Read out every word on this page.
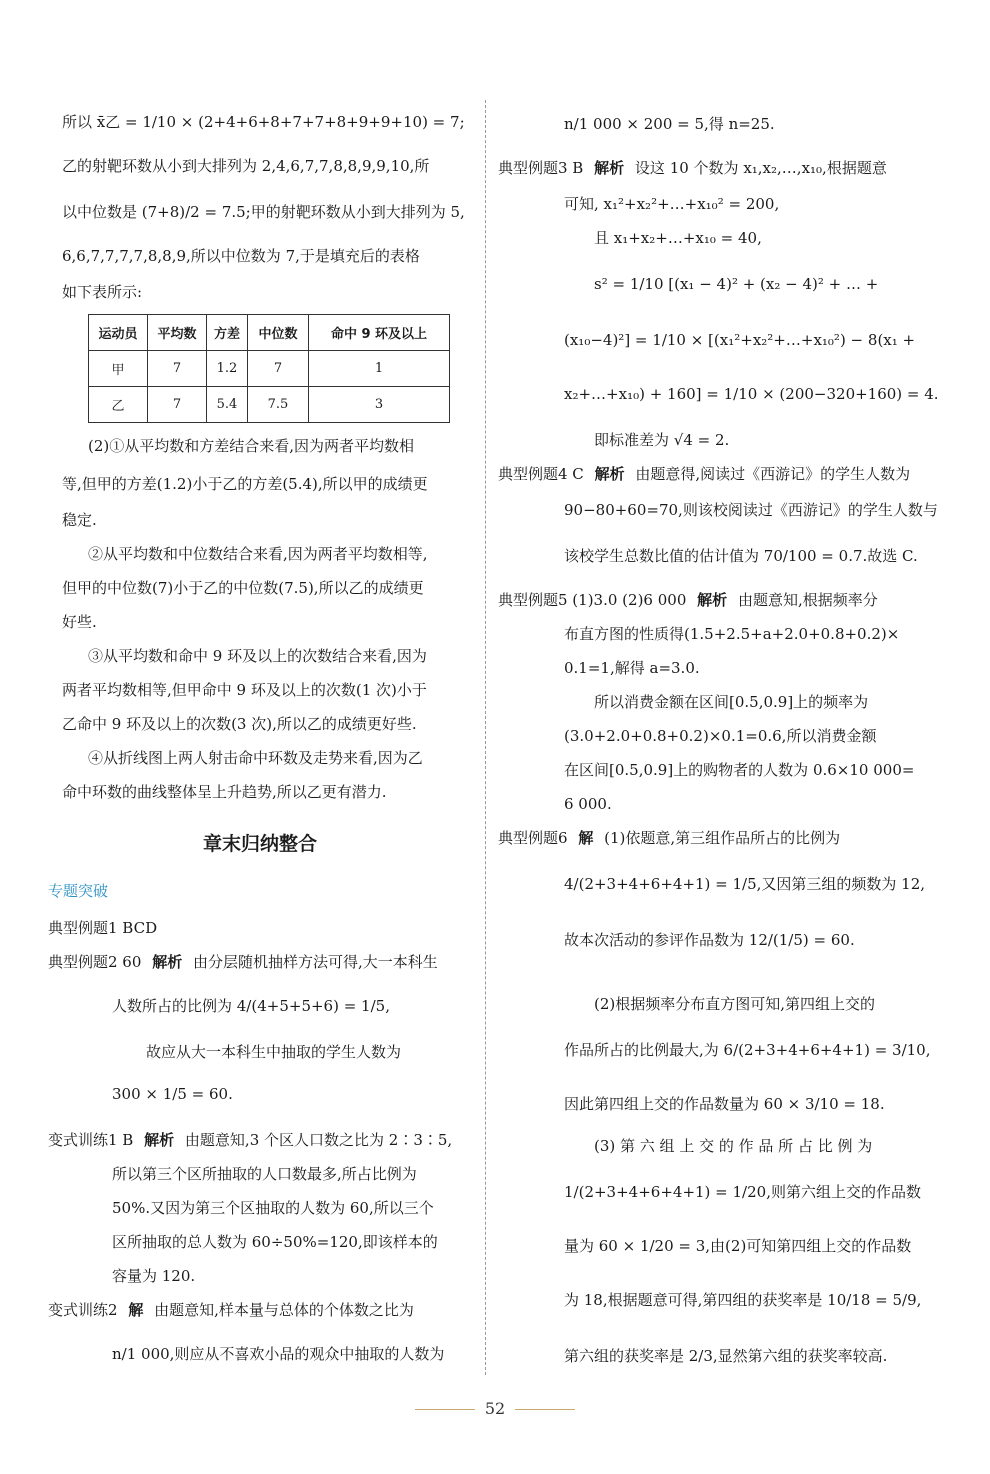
所以 x̄乙 = 1/10 × (2+4+6+8+7+7+8+9+9+10) = 7;
乙的射靶环数从小到大排列为 2,4,6,7,7,8,8,9,9,10,所
以中位数是 (7+8)/2 = 7.5;甲的射靶环数从小到大排列为 5,
6,6,7,7,7,7,8,8,9,所以中位数为 7,于是填充后的表格
如下表所示:
运动员	平均数	方差	中位数	命中 9 环及以上
甲	7	1.2	7	1
乙	7	5.4	7.5	3
(2)①从平均数和方差结合来看,因为两者平均数相
等,但甲的方差(1.2)小于乙的方差(5.4),所以甲的成绩更
稳定.
②从平均数和中位数结合来看,因为两者平均数相等,
但甲的中位数(7)小于乙的中位数(7.5),所以乙的成绩更
好些.
③从平均数和命中 9 环及以上的次数结合来看,因为
两者平均数相等,但甲命中 9 环及以上的次数(1 次)小于
乙命中 9 环及以上的次数(3 次),所以乙的成绩更好些.
④从折线图上两人射击命中环数及走势来看,因为乙
命中环数的曲线整体呈上升趋势,所以乙更有潜力.
章末归纳整合
专题突破
典型例题1 BCD
典型例题2 60 解析 由分层随机抽样方法可得,大一本科生
人数所占的比例为 4/(4+5+5+6) = 1/5,
故应从大一本科生中抽取的学生人数为
300 × 1/5 = 60.
变式训练1 B 解析 由题意知,3 个区人口数之比为 2∶3∶5,
所以第三个区所抽取的人口数最多,所占比例为
50%.又因为第三个区抽取的人数为 60,所以三个
区所抽取的总人数为 60÷50%=120,即该样本的
容量为 120.
变式训练2 解 由题意知,样本量与总体的个体数之比为
n/1 000,则应从不喜欢小品的观众中抽取的人数为
n/1 000 × 200 = 5,得 n=25.
典型例题3 B 解析 设这 10 个数为 x₁,x₂,…,x₁₀,根据题意
可知, x₁²+x₂²+…+x₁₀² = 200,
且 x₁+x₂+…+x₁₀ = 40,
s² = 1/10 [(x₁ − 4)² + (x₂ − 4)² + … +
(x₁₀−4)²] = 1/10 × [(x₁²+x₂²+…+x₁₀²) − 8(x₁ +
x₂+…+x₁₀) + 160] = 1/10 × (200−320+160) = 4.
即标准差为 √4 = 2.
典型例题4 C 解析 由题意得,阅读过《西游记》的学生人数为
90−80+60=70,则该校阅读过《西游记》的学生人数与
该校学生总数比值的估计值为 70/100 = 0.7.故选 C.
典型例题5 (1)3.0 (2)6 000 解析 由题意知,根据频率分
布直方图的性质得(1.5+2.5+a+2.0+0.8+0.2)×
0.1=1,解得 a=3.0.
所以消费金额在区间[0.5,0.9]上的频率为
(3.0+2.0+0.8+0.2)×0.1=0.6,所以消费金额
在区间[0.5,0.9]上的购物者的人数为 0.6×10 000=
6 000.
典型例题6 解 (1)依题意,第三组作品所占的比例为
4/(2+3+4+6+4+1) = 1/5,又因第三组的频数为 12,
故本次活动的参评作品数为 12/(1/5) = 60.
(2)根据频率分布直方图可知,第四组上交的
作品所占的比例最大,为 6/(2+3+4+6+4+1) = 3/10,
因此第四组上交的作品数量为 60 × 3/10 = 18.
(3) 第 六 组 上 交 的 作 品 所 占 比 例 为
1/(2+3+4+6+4+1) = 1/20,则第六组上交的作品数
量为 60 × 1/20 = 3,由(2)可知第四组上交的作品数
为 18,根据题意可得,第四组的获奖率是 10/18 = 5/9,
第六组的获奖率是 2/3,显然第六组的获奖率较高.
52
